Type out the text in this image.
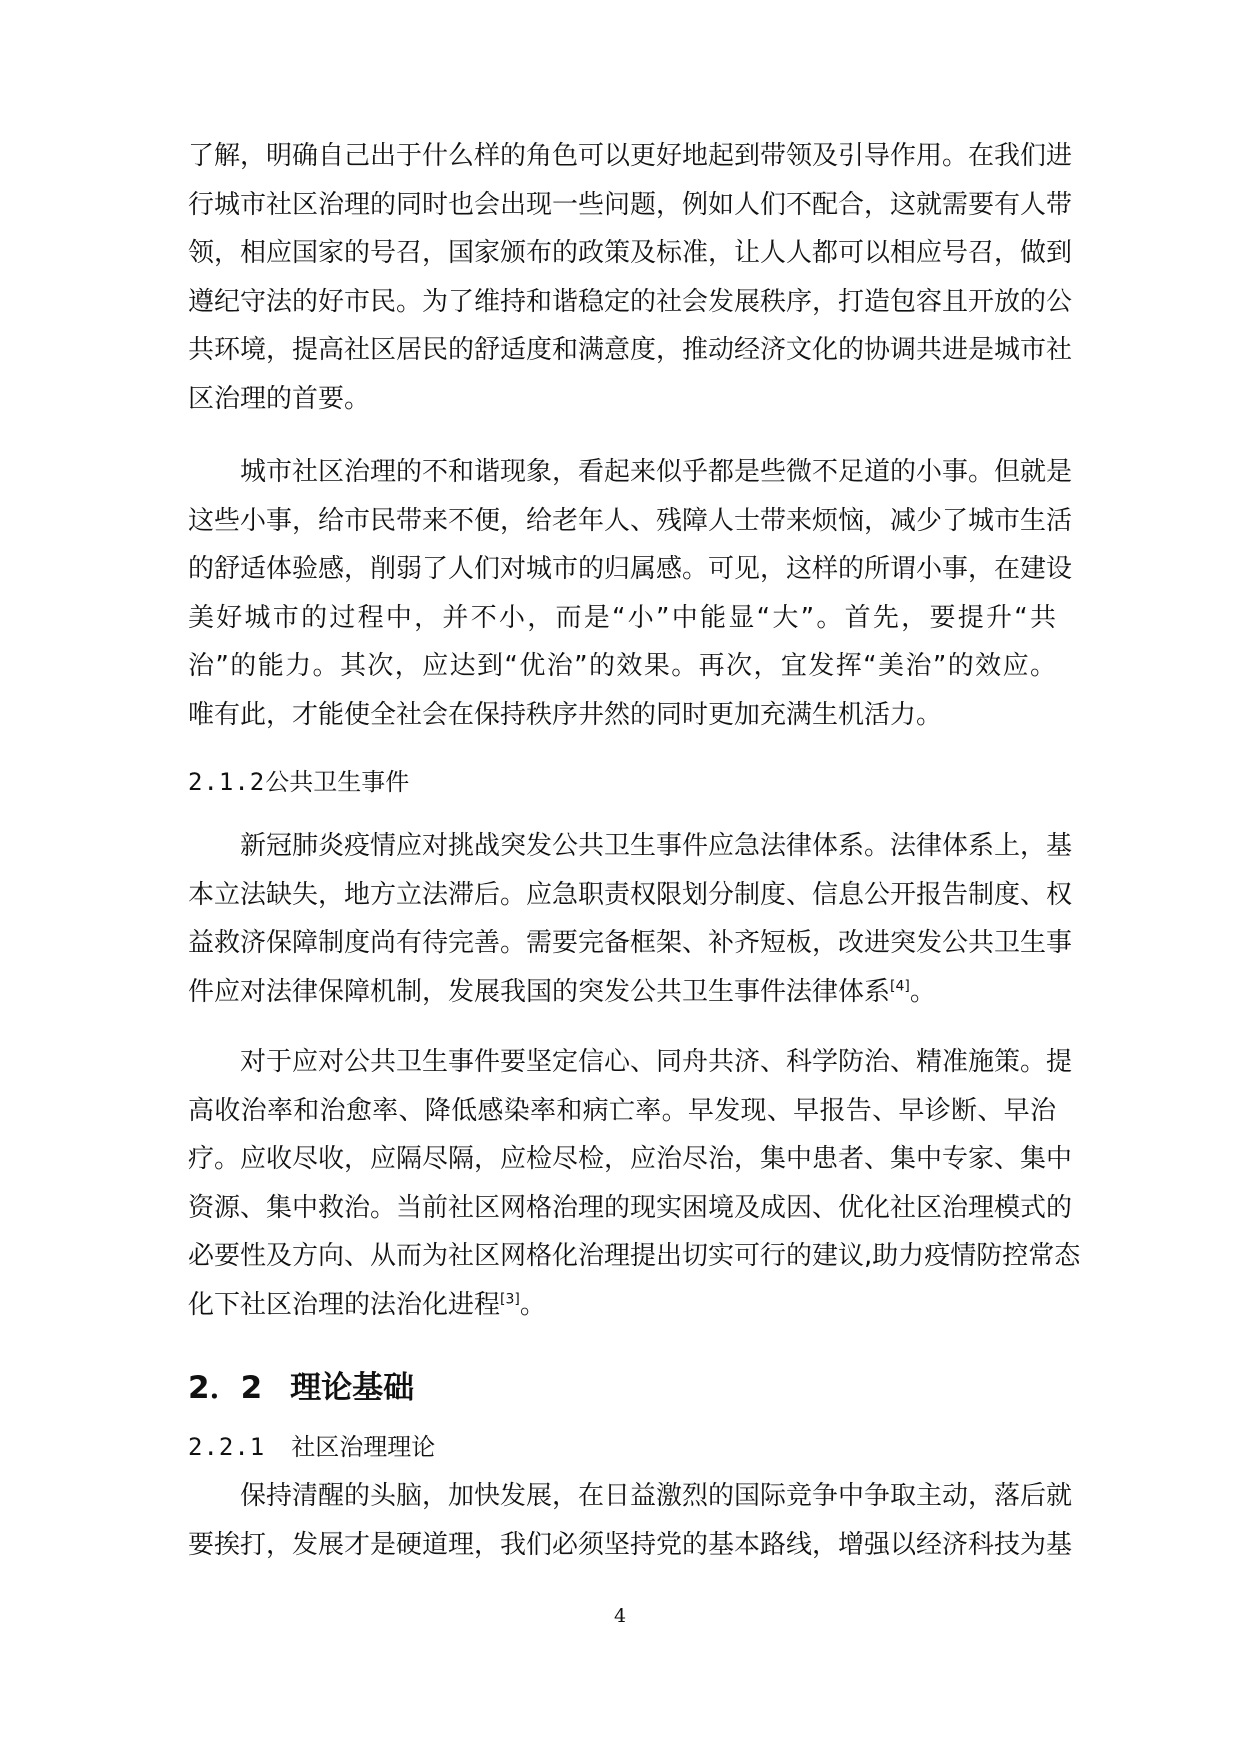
了解，明确自己出于什么样的角色可以更好地起到带领及引导作用。在我们进
行城市社区治理的同时也会出现一些问题，例如人们不配合，这就需要有人带
领，相应国家的号召，国家颁布的政策及标准，让人人都可以相应号召，做到
遵纪守法的好市民。为了维持和谐稳定的社会发展秩序，打造包容且开放的公
共环境，提高社区居民的舒适度和满意度，推动经济文化的协调共进是城市社
区治理的首要。
　　城市社区治理的不和谐现象，看起来似乎都是些微不足道的小事。但就是
这些小事，给市民带来不便，给老年人、残障人士带来烦恼，减少了城市生活
的舒适体验感，削弱了人们对城市的归属感。可见，这样的所谓小事，在建设
美好城市的过程中，并不小，而是“小”中能显“大”。首先，要提升“共
治”的能力。其次，应达到“优治”的效果。再次，宜发挥“美治”的效应。
唯有此，才能使全社会在保持秩序井然的同时更加充满生机活力。
2.1.2公共卫生事件
　　新冠肺炎疫情应对挑战突发公共卫生事件应急法律体系。法律体系上，基
本立法缺失，地方立法滞后。应急职责权限划分制度、信息公开报告制度、权
益救济保障制度尚有待完善。需要完备框架、补齐短板，改进突发公共卫生事
件应对法律保障机制，发展我国的突发公共卫生事件法律体系[4]。
　　对于应对公共卫生事件要坚定信心、同舟共济、科学防治、精准施策。提
高收治率和治愈率、降低感染率和病亡率。早发现、早报告、早诊断、早治
疗。应收尽收，应隔尽隔，应检尽检，应治尽治，集中患者、集中专家、集中
资源、集中救治。当前社区网格治理的现实困境及成因、优化社区治理模式的
必要性及方向、从而为社区网格化治理提出切实可行的建议,助力疫情防控常态
化下社区治理的法治化进程[3]。
2．2 理论基础
2.2.1 社区治理理论
　　保持清醒的头脑，加快发展，在日益激烈的国际竞争中争取主动，落后就
要挨打，发展才是硬道理，我们必须坚持党的基本路线，增强以经济科技为基
4
